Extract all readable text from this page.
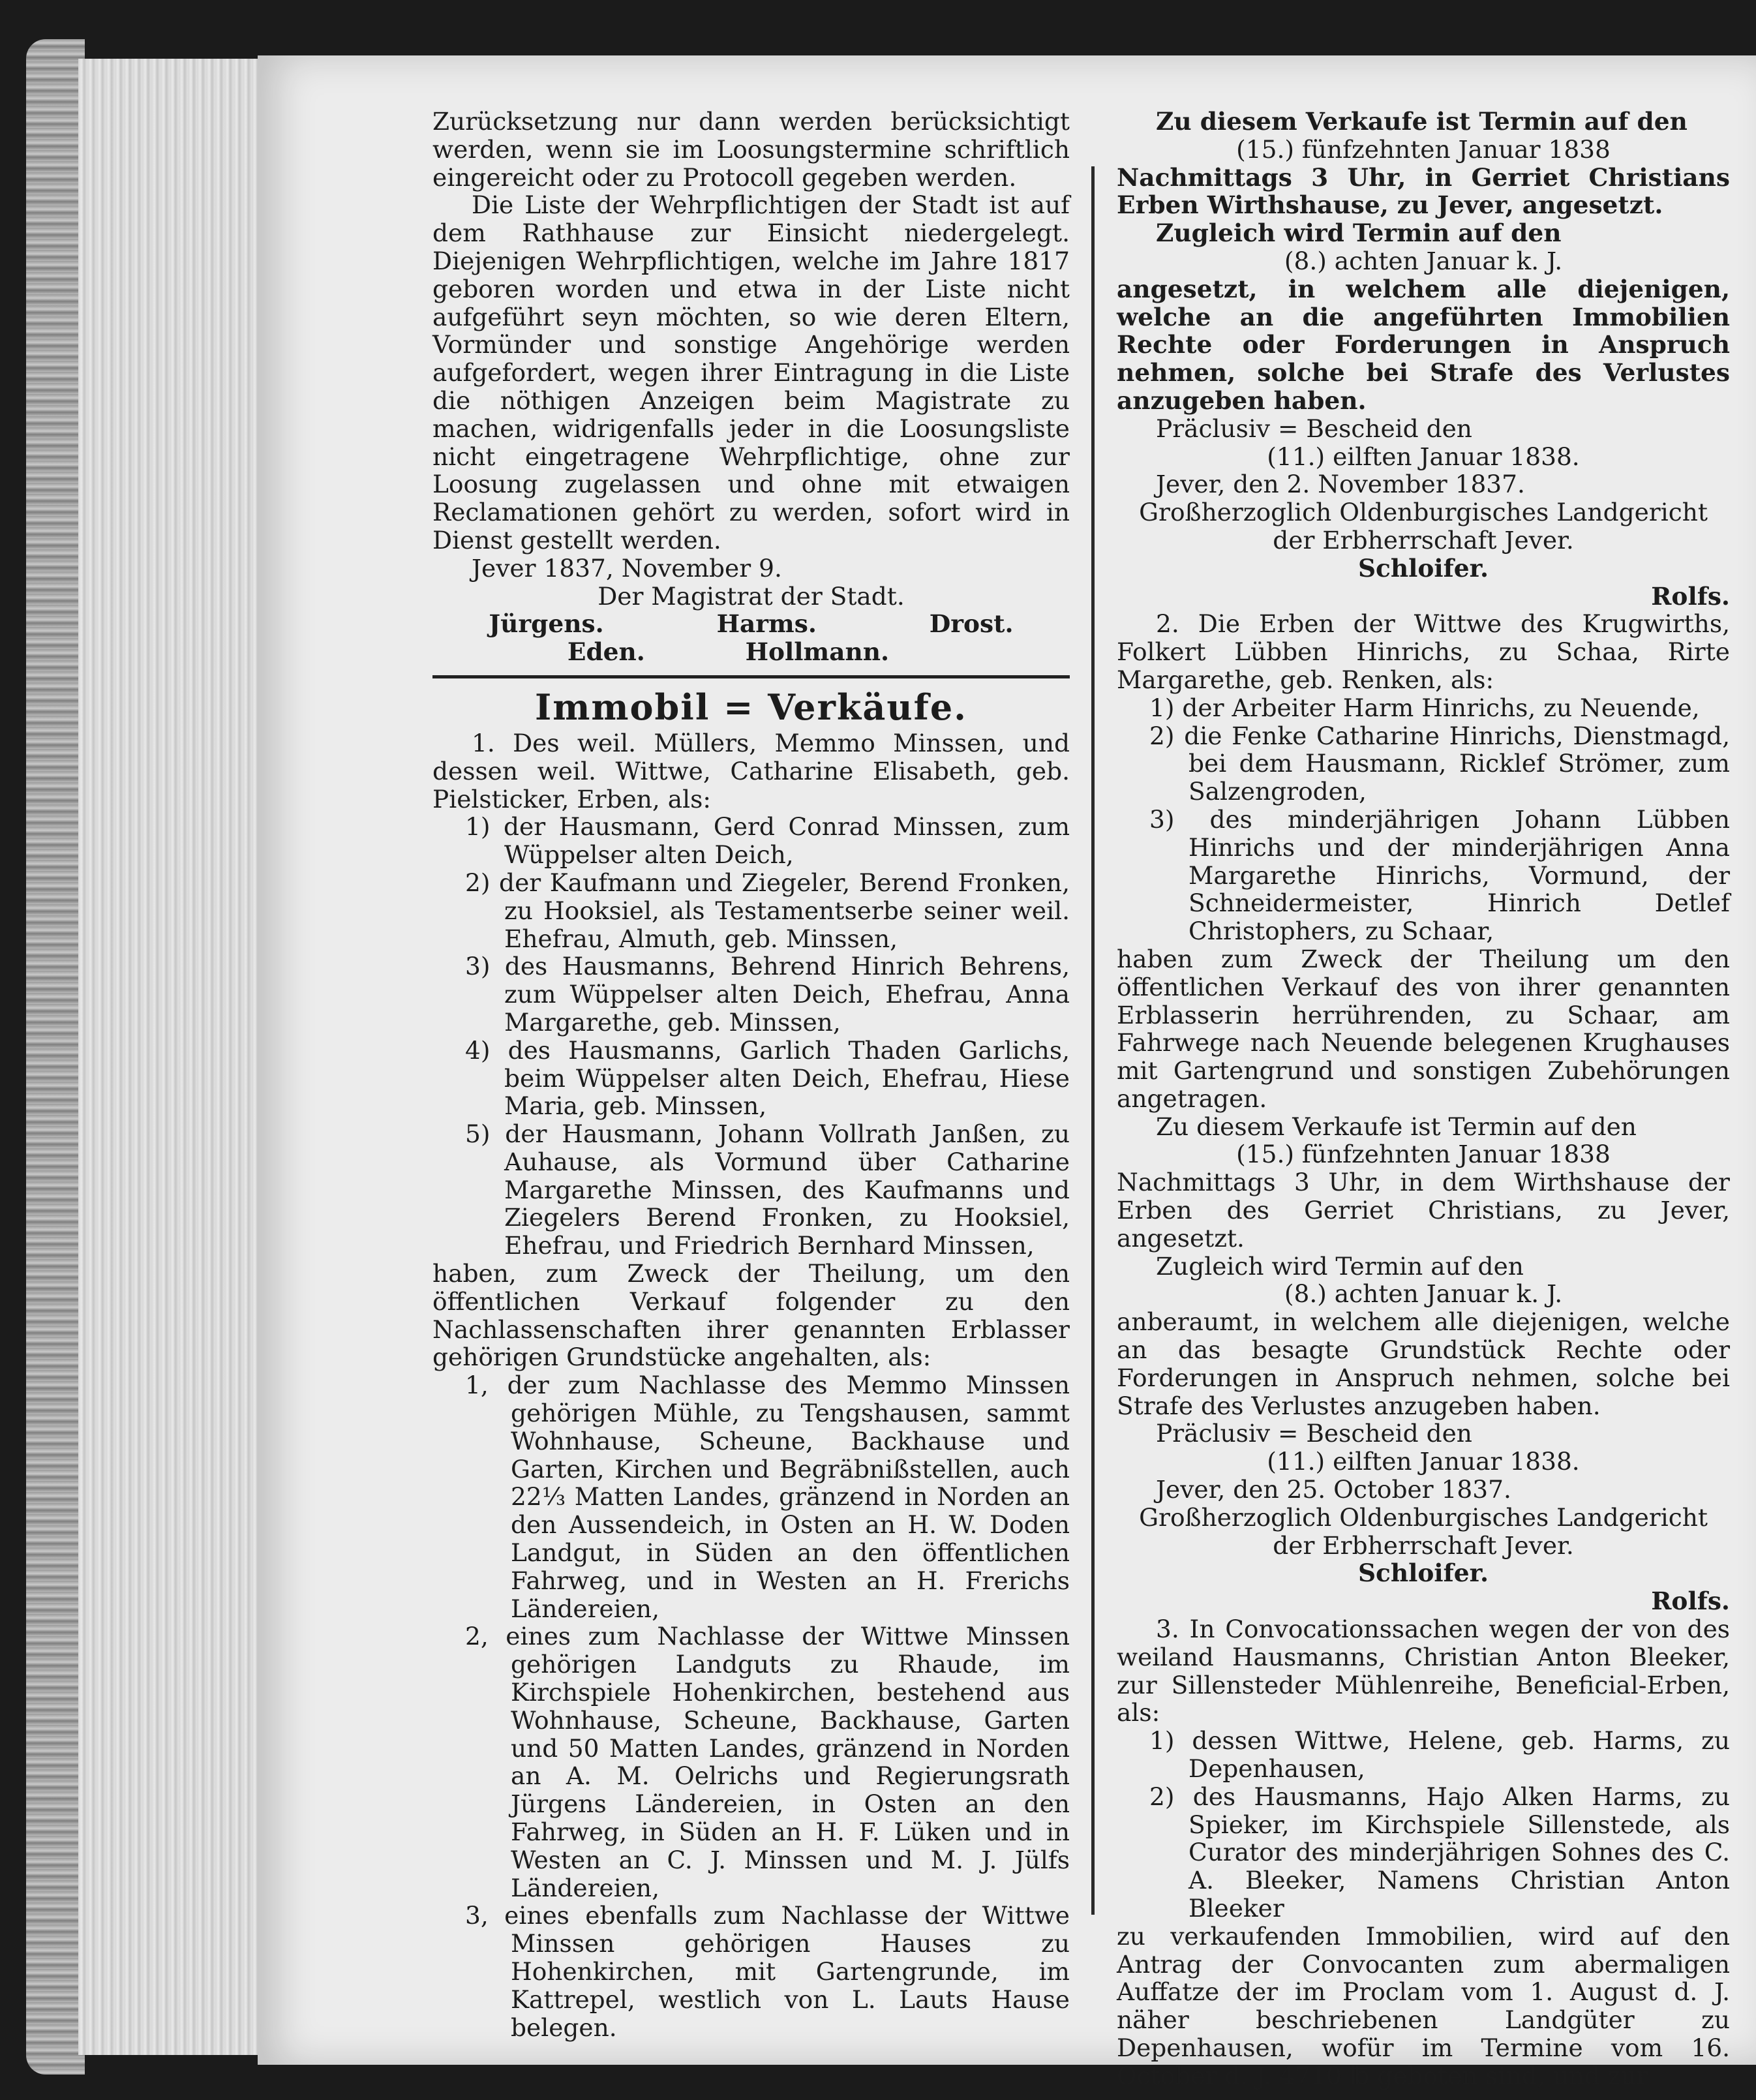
Zurücksetzung nur dann werden berücksichtigt werden, wenn sie im Loosungstermine schriftlich eingereicht oder zu Protocoll gegeben werden.

Die Liste der Wehrpflichtigen der Stadt ist auf dem Rathhause zur Einsicht niedergelegt. Diejenigen Wehrpflichtigen, welche im Jahre 1817 geboren worden und etwa in der Liste nicht aufgeführt seyn möchten, so wie deren Eltern, Vormünder und sonstige Angehörige werden aufgefordert, wegen ihrer Eintragung in die Liste die nöthigen Anzeigen beim Magistrate zu machen, widrigenfalls jeder in die Loosungsliste nicht eingetragene Wehrpflichtige, ohne zur Loosung zugelassen und ohne mit etwaigen Reclamationen gehört zu werden, sofort wird in Dienst gestellt werden.

Jever 1837, November 9.

Der Magistrat der Stadt.

Jürgens.	Harms.	Drost.
Eden.	Hollmann.

Immobil = Verkäufe.

1. Des weil. Müllers, Memmo Minssen, und dessen weil. Wittwe, Catharine Elisabeth, geb. Pielsticker, Erben, als:

1) der Hausmann, Gerd Conrad Minssen, zum Wüppelser alten Deich,

2) der Kaufmann und Ziegeler, Berend Fronken, zu Hooksiel, als Testamentserbe seiner weil. Ehefrau, Almuth, geb. Minssen,

3) des Hausmanns, Behrend Hinrich Behrens, zum Wüppelser alten Deich, Ehefrau, Anna Margarethe, geb. Minssen,

4) des Hausmanns, Garlich Thaden Garlichs, beim Wüppelser alten Deich, Ehefrau, Hiese Maria, geb. Minssen,

5) der Hausmann, Johann Vollrath Janßen, zu Auhause, als Vormund über Catharine Margarethe Minssen, des Kaufmanns und Ziegelers Berend Fronken, zu Hooksiel, Ehefrau, und Friedrich Bernhard Minssen,

haben, zum Zweck der Theilung, um den öffentlichen Verkauf folgender zu den Nachlassenschaften ihrer genannten Erblasser gehörigen Grundstücke angehalten, als:

1, der zum Nachlasse des Memmo Minssen gehörigen Mühle, zu Tengshausen, sammt Wohnhause, Scheune, Backhause und Garten, Kirchen und Begräbnißstellen, auch 22⅓ Matten Landes, gränzend in Norden an den Aussendeich, in Osten an H. W. Doden Landgut, in Süden an den öffentlichen Fahrweg, und in Westen an H. Frerichs Ländereien,

2, eines zum Nachlasse der Wittwe Minssen gehörigen Landguts zu Rhaude, im Kirchspiele Hohenkirchen, bestehend aus Wohnhause, Scheune, Backhause, Garten und 50 Matten Landes, gränzend in Norden an A. M. Oelrichs und Regierungsrath Jürgens Ländereien, in Osten an den Fahrweg, in Süden an H. F. Lüken und in Westen an C. J. Minssen und M. J. Jülfs Ländereien,

3, eines ebenfalls zum Nachlasse der Wittwe Minssen gehörigen Hauses zu Hohenkirchen, mit Gartengrunde, im Kattrepel, westlich von L. Lauts Hause belegen.

Zu diesem Verkaufe ist Termin auf den

(15.) fünfzehnten Januar 1838

Nachmittags 3 Uhr, in Gerriet Christians Erben Wirthshause, zu Jever, angesetzt.

Zugleich wird Termin auf den

(8.) achten Januar k. J.

angesetzt, in welchem alle diejenigen, welche an die angeführten Immobilien Rechte oder Forderungen in Anspruch nehmen, solche bei Strafe des Verlustes anzugeben haben.

Präclusiv = Bescheid den

(11.) eilften Januar 1838.

Jever, den 2. November 1837.

Großherzoglich Oldenburgisches Landgericht der Erbherrschaft Jever.

Schloifer.

Rolfs.

2. Die Erben der Wittwe des Krugwirths, Folkert Lübben Hinrichs, zu Schaa, Rirte Margarethe, geb. Renken, als:

1) der Arbeiter Harm Hinrichs, zu Neuende,

2) die Fenke Catharine Hinrichs, Dienstmagd, bei dem Hausmann, Ricklef Strömer, zum Salzengroden,

3) des minderjährigen Johann Lübben Hinrichs und der minderjährigen Anna Margarethe Hinrichs, Vormund, der Schneidermeister, Hinrich Detlef Christophers, zu Schaar,

haben zum Zweck der Theilung um den öffentlichen Verkauf des von ihrer genannten Erblasserin herrührenden, zu Schaar, am Fahrwege nach Neuende belegenen Krughauses mit Gartengrund und sonstigen Zubehörungen angetragen.

Zu diesem Verkaufe ist Termin auf den

(15.) fünfzehnten Januar 1838

Nachmittags 3 Uhr, in dem Wirthshause der Erben des Gerriet Christians, zu Jever, angesetzt.

Zugleich wird Termin auf den

(8.) achten Januar k. J.

anberaumt, in welchem alle diejenigen, welche an das besagte Grundstück Rechte oder Forderungen in Anspruch nehmen, solche bei Strafe des Verlustes anzugeben haben.

Präclusiv = Bescheid den

(11.) eilften Januar 1838.

Jever, den 25. October 1837.

Großherzoglich Oldenburgisches Landgericht der Erbherrschaft Jever.

Schloifer.

Rolfs.

3. In Convocationssachen wegen der von des weiland Hausmanns, Christian Anton Bleeker, zur Sillensteder Mühlenreihe, Beneficial-Erben, als:

1) dessen Wittwe, Helene, geb. Harms, zu Depenhausen,

2) des Hausmanns, Hajo Alken Harms, zu Spieker, im Kirchspiele Sillenstede, als Curator des minderjährigen Sohnes des C. A. Bleeker, Namens Christian Anton Bleeker

zu verkaufenden Immobilien, wird auf den Antrag der Convocanten zum abermaligen Auffatze der im Proclam vom 1. August d. J. näher beschriebenen Landgüter zu Depenhausen, wofür im Termine vom 16. October d. J. 4710 ℔ geboten sind, und zur
